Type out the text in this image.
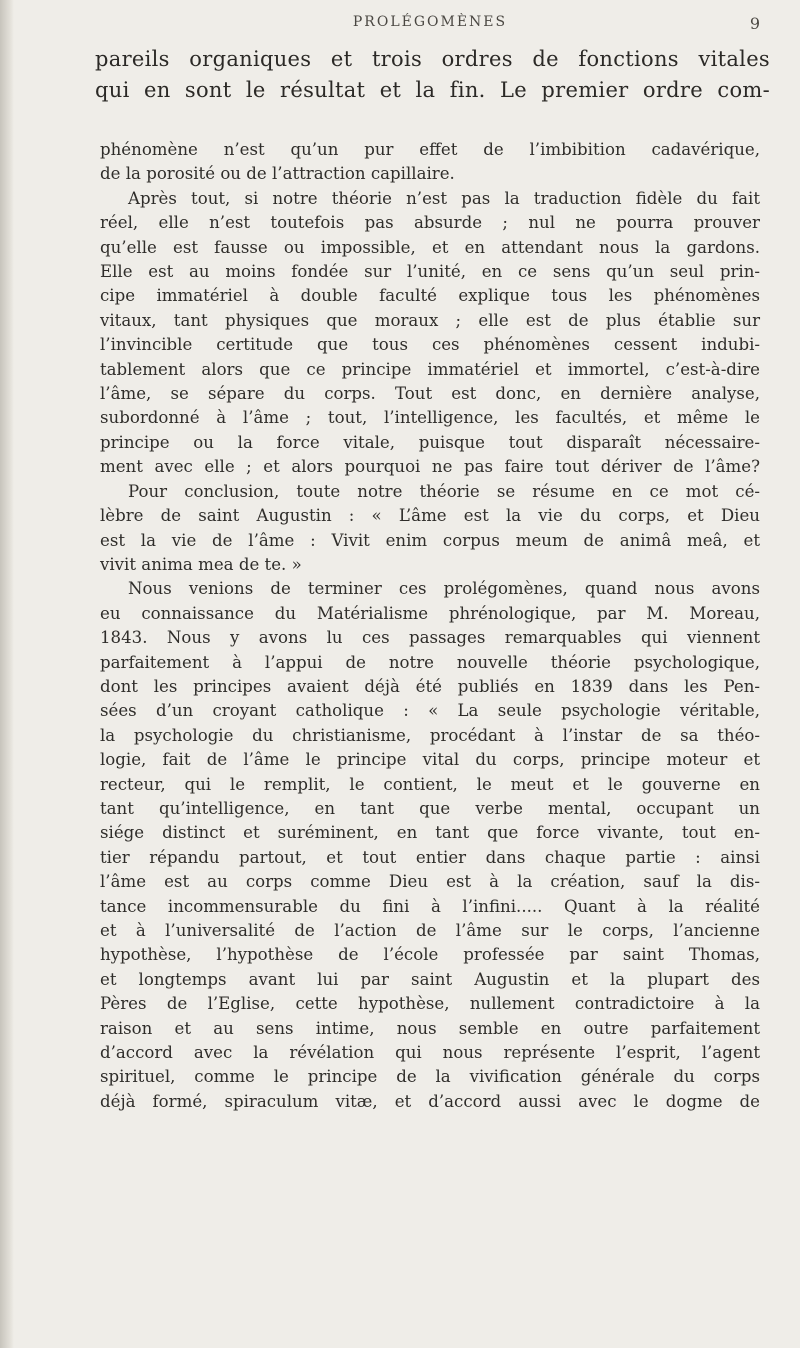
PROLÉGOMÈNES	9
pareils organiques et trois ordres de fonctions vitales
qui en sont le résultat et la fin. Le premier ordre com-
phénomène n’est qu’un pur effet de l’imbibition cadavérique,
de la porosité ou de l’attraction capillaire.
Après tout, si notre théorie n’est pas la traduction fidèle du fait
réel, elle n’est toutefois pas absurde ; nul ne pourra prouver
qu’elle est fausse ou impossible, et en attendant nous la gardons.
Elle est au moins fondée sur l’unité, en ce sens qu’un seul prin-
cipe immatériel à double faculté explique tous les phénomènes
vitaux, tant physiques que moraux ; elle est de plus établie sur
l’invincible certitude que tous ces phénomènes cessent indubi-
tablement alors que ce principe immatériel et immortel, c’est-à-dire
l’âme, se sépare du corps. Tout est donc, en dernière analyse,
subordonné à l’âme ; tout, l’intelligence, les facultés, et même le
principe ou la force vitale, puisque tout disparaît nécessaire-
ment avec elle ; et alors pourquoi ne pas faire tout dériver de l’âme?
Pour conclusion, toute notre théorie se résume en ce mot cé-
lèbre de saint Augustin : « L’âme est la vie du corps, et Dieu
est la vie de l’âme : Vivit enim corpus meum de animâ meâ, et
vivit anima mea de te. »
Nous venions de terminer ces prolégomènes, quand nous avons
eu connaissance du Matérialisme phrénologique, par M. Moreau,
1843. Nous y avons lu ces passages remarquables qui viennent
parfaitement à l’appui de notre nouvelle théorie psychologique,
dont les principes avaient déjà été publiés en 1839 dans les Pen-
sées d’un croyant catholique : « La seule psychologie véritable,
la psychologie du christianisme, procédant à l’instar de sa théo-
logie, fait de l’âme le principe vital du corps, principe moteur et
recteur, qui le remplit, le contient, le meut et le gouverne en
tant qu’intelligence, en tant que verbe mental, occupant un
siége distinct et suréminent, en tant que force vivante, tout en-
tier répandu partout, et tout entier dans chaque partie : ainsi
l’âme est au corps comme Dieu est à la création, sauf la dis-
tance incommensurable du fini à l’infini..... Quant à la réalité
et à l’universalité de l’action de l’âme sur le corps, l’ancienne
hypothèse, l’hypothèse de l’école professée par saint Thomas,
et longtemps avant lui par saint Augustin et la plupart des
Pères de l’Eglise, cette hypothèse, nullement contradictoire à la
raison et au sens intime, nous semble en outre parfaitement
d’accord avec la révélation qui nous représente l’esprit, l’agent
spirituel, comme le principe de la vivification générale du corps
déjà formé, spiraculum vitæ, et d’accord aussi avec le dogme de
